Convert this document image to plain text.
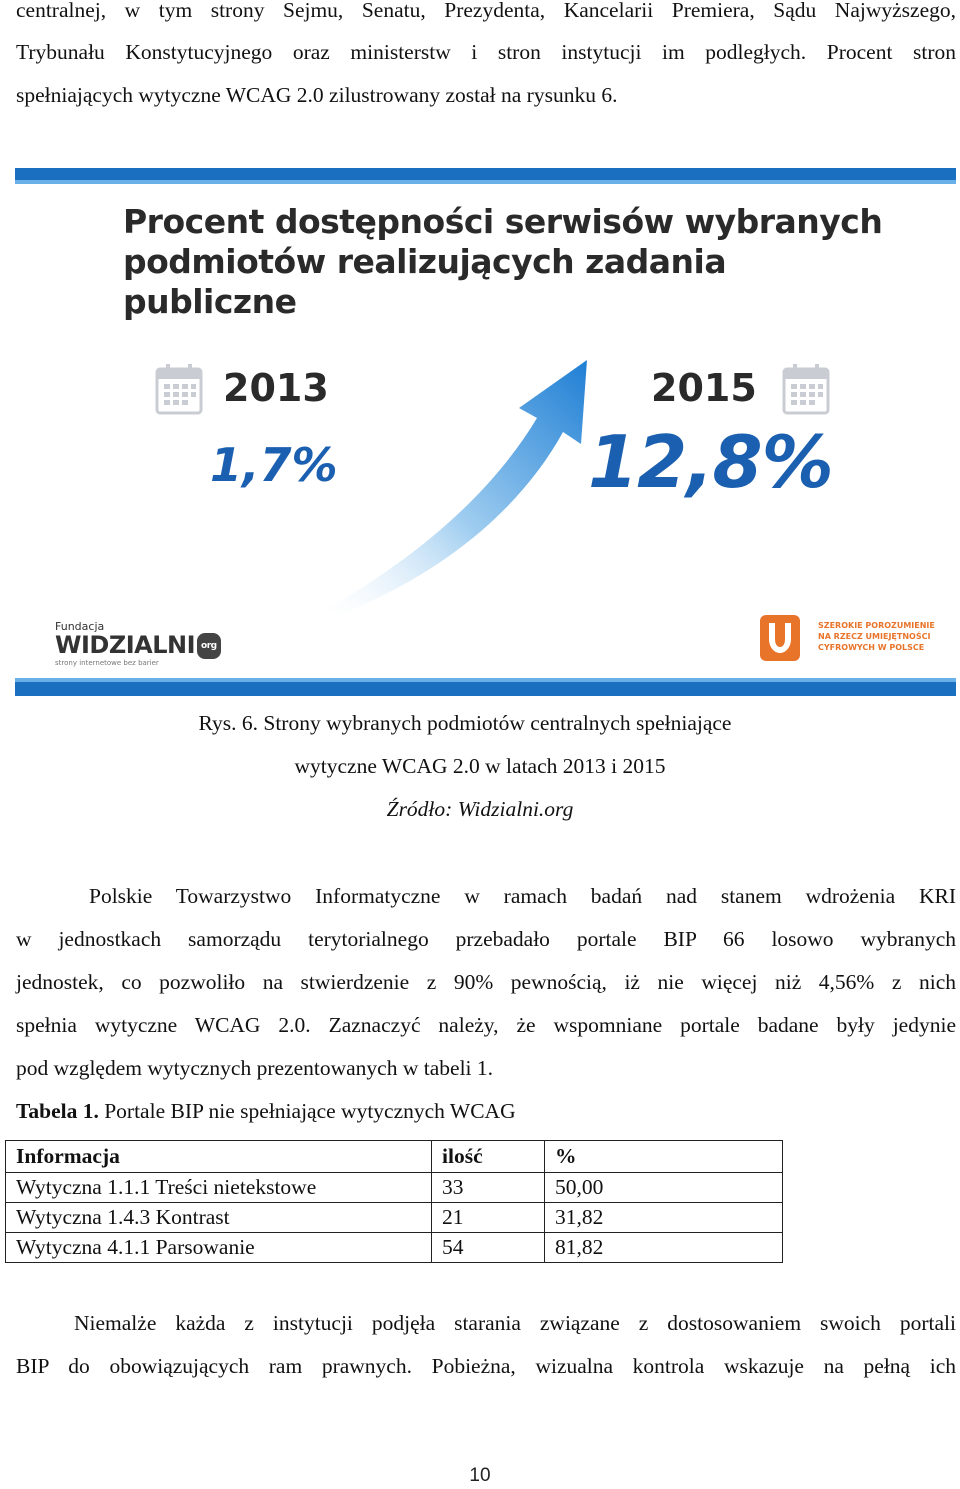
centralnej, w tym strony Sejmu, Senatu, Prezydenta, Kancelarii Premiera, Sądu Najwyższego,
Trybunału Konstytucyjnego oraz ministerstw i stron instytucji im podległych. Procent stron
spełniających wytyczne WCAG 2.0 zilustrowany został na rysunku 6.
Procent dostępności serwisów wybranych
podmiotów realizujących zadania publiczne
2013
1,7%
2015
12,8%
Fundacja
WIDZIALNI org
strony internetowe bez barier
SZEROKIE POROZUMIENIE
NA RZECZ UMIEJĘTNOŚCI
CYFROWYCH W POLSCE
Rys. 6. Strony wybranych podmiotów centralnych spełniające
wytyczne WCAG 2.0 w latach 2013 i 2015
Źródło: Widzialni.org
Polskie Towarzystwo Informatyczne w ramach badań nad stanem wdrożenia KRI
w jednostkach samorządu terytorialnego przebadało portale BIP 66 losowo wybranych
jednostek, co pozwoliło na stwierdzenie z 90% pewnością, iż nie więcej niż 4,56% z nich
spełnia wytyczne WCAG 2.0. Zaznaczyć należy, że wspomniane portale badane były jedynie
pod względem wytycznych prezentowanych w tabeli 1.
Tabela 1. Portale BIP nie spełniające wytycznych WCAG
Informacja	ilość	%
Wytyczna 1.1.1 Treści nietekstowe	33	50,00
Wytyczna 1.4.3 Kontrast	21	31,82
Wytyczna 4.1.1 Parsowanie	54	81,82
Niemalże każda z instytucji podjęła starania związane z dostosowaniem swoich portali
BIP do obowiązujących ram prawnych. Pobieżna, wizualna kontrola wskazuje na pełną ich
10
